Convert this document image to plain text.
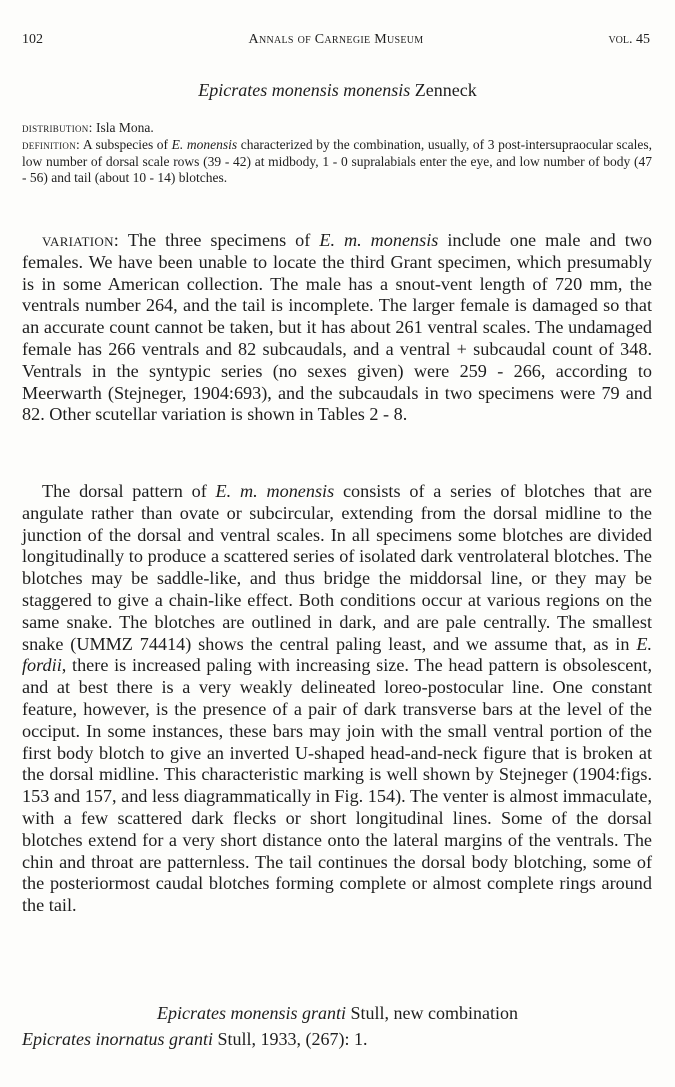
102	Annals of Carnegie Museum	vol. 45
Epicrates monensis monensis Zenneck
distribution: Isla Mona.
definition: A subspecies of E. monensis characterized by the combination, usually, of 3 post-intersupraocular scales, low number of dorsal scale rows (39 - 42) at midbody, 1 - 0 supralabials enter the eye, and low number of body (47 - 56) and tail (about 10 - 14) blotches.

variation: The three specimens of E. m. monensis include one male and two females. We have been unable to locate the third Grant specimen, which presumably is in some American collection. The male has a snout-vent length of 720 mm, the ventrals number 264, and the tail is incomplete. The larger female is damaged so that an accurate count cannot be taken, but it has about 261 ventral scales. The undamaged female has 266 ventrals and 82 subcaudals, and a ventral + subcaudal count of 348. Ventrals in the syntypic series (no sexes given) were 259 - 266, according to Meerwarth (Stejneger, 1904:693), and the subcaudals in two specimens were 79 and 82. Other scutellar variation is shown in Tables 2 - 8.

The dorsal pattern of E. m. monensis consists of a series of blotches that are angulate rather than ovate or subcircular, extending from the dorsal midline to the junction of the dorsal and ventral scales. In all specimens some blotches are divided longitudinally to produce a scattered series of isolated dark ventrolateral blotches. The blotches may be saddle-like, and thus bridge the middorsal line, or they may be staggered to give a chain-like effect. Both conditions occur at various regions on the same snake. The blotches are outlined in dark, and are pale centrally. The smallest snake (UMMZ 74414) shows the central paling least, and we assume that, as in E. fordii, there is increased paling with increasing size. The head pattern is obsolescent, and at best there is a very weakly delineated loreo-postocular line. One constant feature, however, is the presence of a pair of dark transverse bars at the level of the occiput. In some instances, these bars may join with the small ventral portion of the first body blotch to give an inverted U-shaped head-and-neck figure that is broken at the dorsal midline. This characteristic marking is well shown by Stejneger (1904:figs. 153 and 157, and less diagrammatically in Fig. 154). The venter is almost immaculate, with a few scattered dark flecks or short longitudinal lines. Some of the dorsal blotches extend for a very short distance onto the lateral margins of the ventrals. The chin and throat are patternless. The tail continues the dorsal body blotching, some of the posteriormost caudal blotches forming complete or almost complete rings around the tail.

Epicrates monensis granti Stull, new combination
Epicrates inornatus granti Stull, 1933, (267): 1.
